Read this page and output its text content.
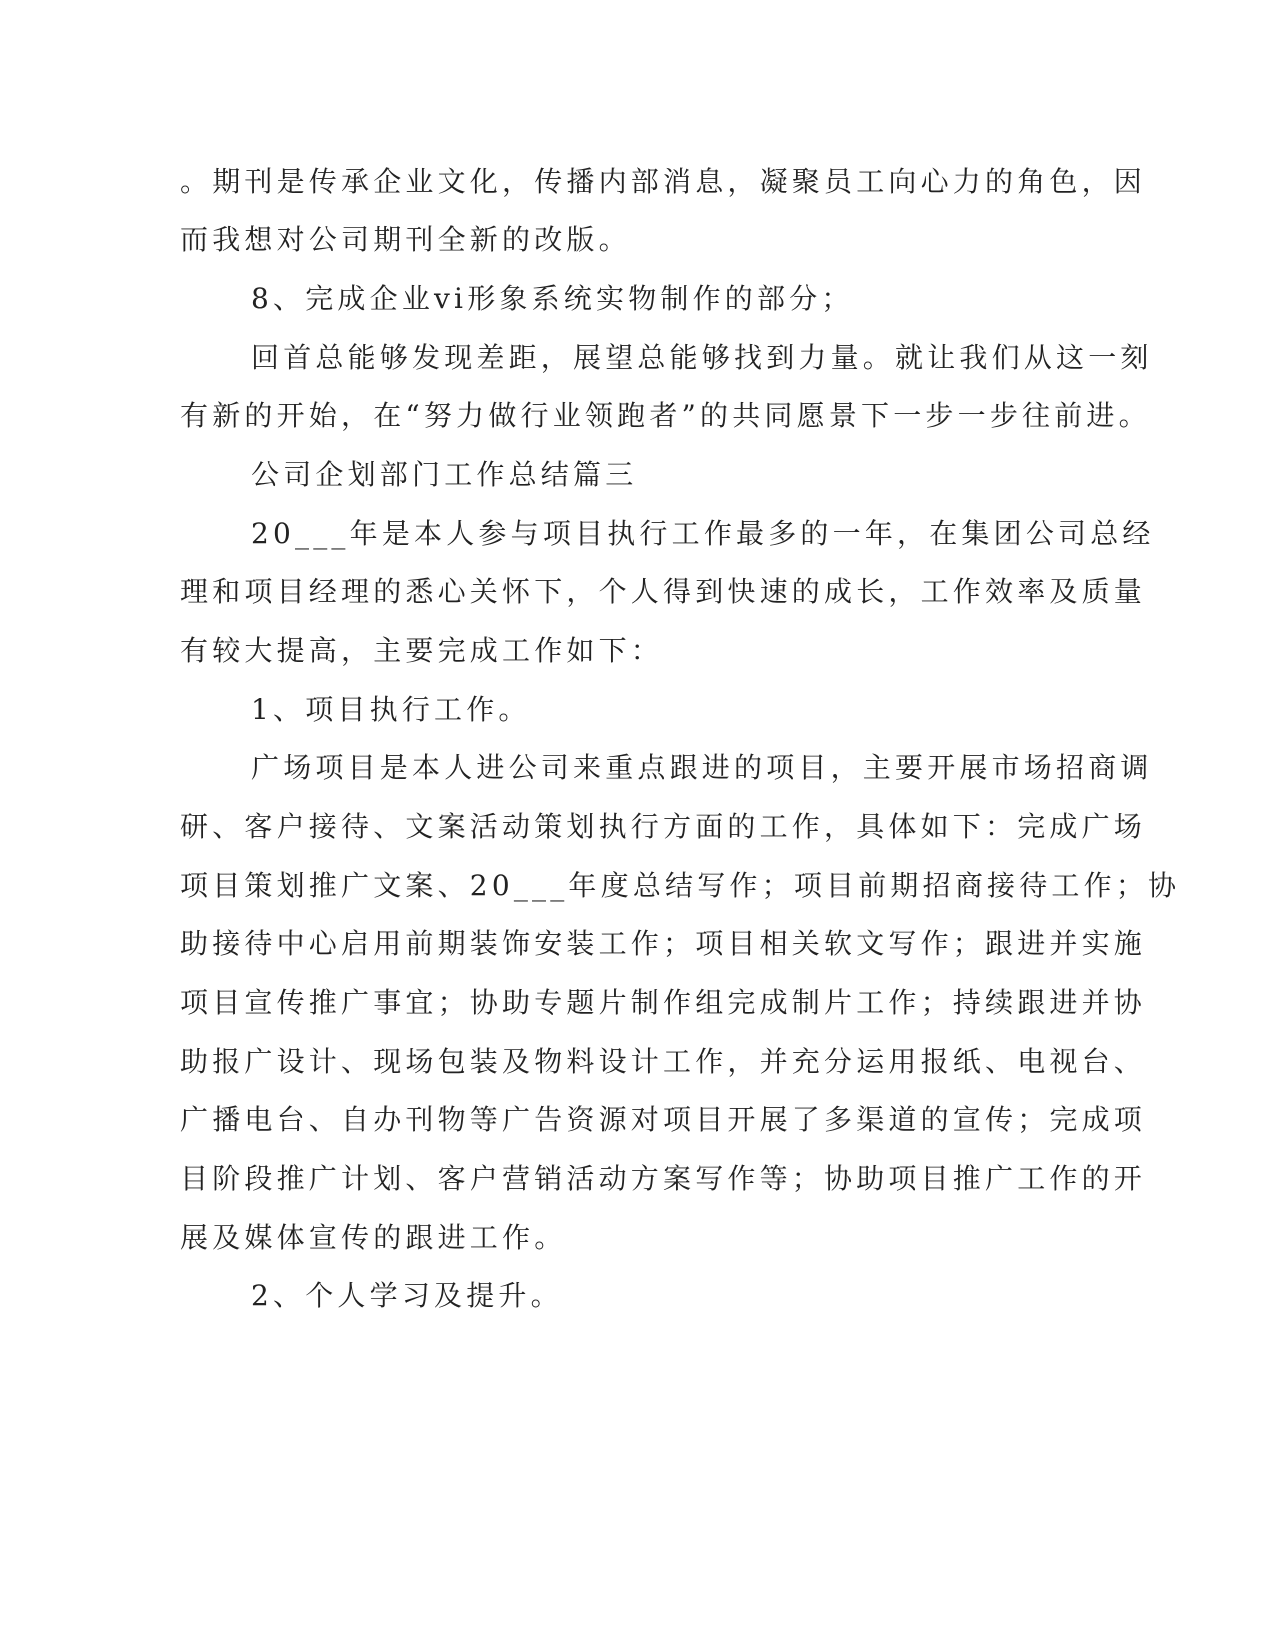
。期刊是传承企业文化，传播内部消息，凝聚员工向心力的角色，因
而我想对公司期刊全新的改版。
8、完成企业vi形象系统实物制作的部分；
回首总能够发现差距，展望总能够找到力量。就让我们从这一刻
有新的开始，在“努力做行业领跑者”的共同愿景下一步一步往前进。
公司企划部门工作总结篇三
20___年是本人参与项目执行工作最多的一年，在集团公司总经
理和项目经理的悉心关怀下，个人得到快速的成长，工作效率及质量
有较大提高，主要完成工作如下：
1、项目执行工作。
广场项目是本人进公司来重点跟进的项目，主要开展市场招商调
研、客户接待、文案活动策划执行方面的工作，具体如下：完成广场
项目策划推广文案、20___年度总结写作；项目前期招商接待工作；协
助接待中心启用前期装饰安装工作；项目相关软文写作；跟进并实施
项目宣传推广事宜；协助专题片制作组完成制片工作；持续跟进并协
助报广设计、现场包装及物料设计工作，并充分运用报纸、电视台、
广播电台、自办刊物等广告资源对项目开展了多渠道的宣传；完成项
目阶段推广计划、客户营销活动方案写作等；协助项目推广工作的开
展及媒体宣传的跟进工作。
2、个人学习及提升。
